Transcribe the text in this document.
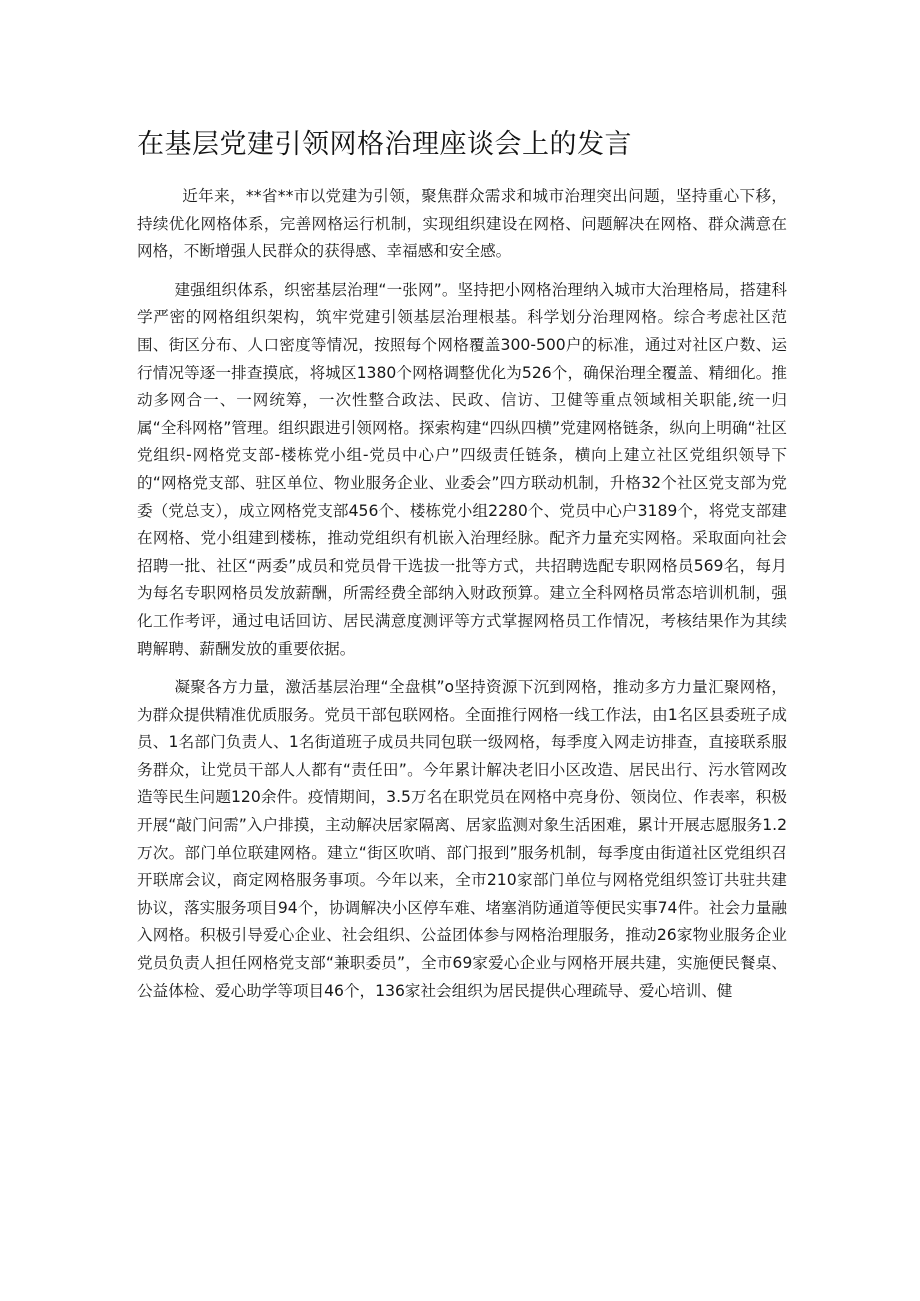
在基层党建引领网格治理座谈会上的发言

近年来，**省**市以党建为引领，聚焦群众需求和城市治理突出问题，坚持重心下移，持续优化网格体系，完善网格运行机制，实现组织建设在网格、问题解决在网格、群众满意在网格，不断增强人民群众的获得感、幸福感和安全感。

建强组织体系，织密基层治理“一张网”。坚持把小网格治理纳入城市大治理格局，搭建科学严密的网格组织架构，筑牢党建引领基层治理根基。科学划分治理网格。综合考虑社区范围、街区分布、人口密度等情况，按照每个网格覆盖300-500户的标准，通过对社区户数、运行情况等逐一排查摸底，将城区1380个网格调整优化为526个，确保治理全覆盖、精细化。推动多网合一、一网统筹，一次性整合政法、民政、信访、卫健等重点领域相关职能,统一归属“全科网格”管理。组织跟进引领网格。探索构建“四纵四横”党建网格链条，纵向上明确“社区党组织-网格党支部-楼栋党小组-党员中心户”四级责任链条，横向上建立社区党组织领导下的“网格党支部、驻区单位、物业服务企业、业委会”四方联动机制，升格32个社区党支部为党委（党总支），成立网格党支部456个、楼栋党小组2280个、党员中心户3189个，将党支部建在网格、党小组建到楼栋，推动党组织有机嵌入治理经脉。配齐力量充实网格。采取面向社会招聘一批、社区“两委”成员和党员骨干选拔一批等方式，共招聘选配专职网格员569名，每月为每名专职网格员发放薪酬，所需经费全部纳入财政预算。建立全科网格员常态培训机制，强化工作考评，通过电话回访、居民满意度测评等方式掌握网格员工作情况，考核结果作为其续聘解聘、薪酬发放的重要依据。

凝聚各方力量，激活基层治理“全盘棋”o坚持资源下沉到网格，推动多方力量汇聚网格，为群众提供精准优质服务。党员干部包联网格。全面推行网格一线工作法，由1名区县委班子成员、1名部门负责人、1名街道班子成员共同包联一级网格，每季度入网走访排查，直接联系服务群众，让党员干部人人都有“责任田”。今年累计解决老旧小区改造、居民出行、污水管网改造等民生问题120余件。疫情期间，3.5万名在职党员在网格中亮身份、领岗位、作表率，积极开展“敲门问需”入户排摸，主动解决居家隔离、居家监测对象生活困难，累计开展志愿服务1.2万次。部门单位联建网格。建立“街区吹哨、部门报到”服务机制，每季度由街道社区党组织召开联席会议，商定网格服务事项。今年以来，全市210家部门单位与网格党组织签订共驻共建协议，落实服务项目94个，协调解决小区停车难、堵塞消防通道等便民实事74件。社会力量融入网格。积极引导爱心企业、社会组织、公益团体参与网格治理服务，推动26家物业服务企业党员负责人担任网格党支部“兼职委员”，全市69家爱心企业与网格开展共建，实施便民餐桌、公益体检、爱心助学等项目46个，136家社会组织为居民提供心理疏导、爱心培训、健
